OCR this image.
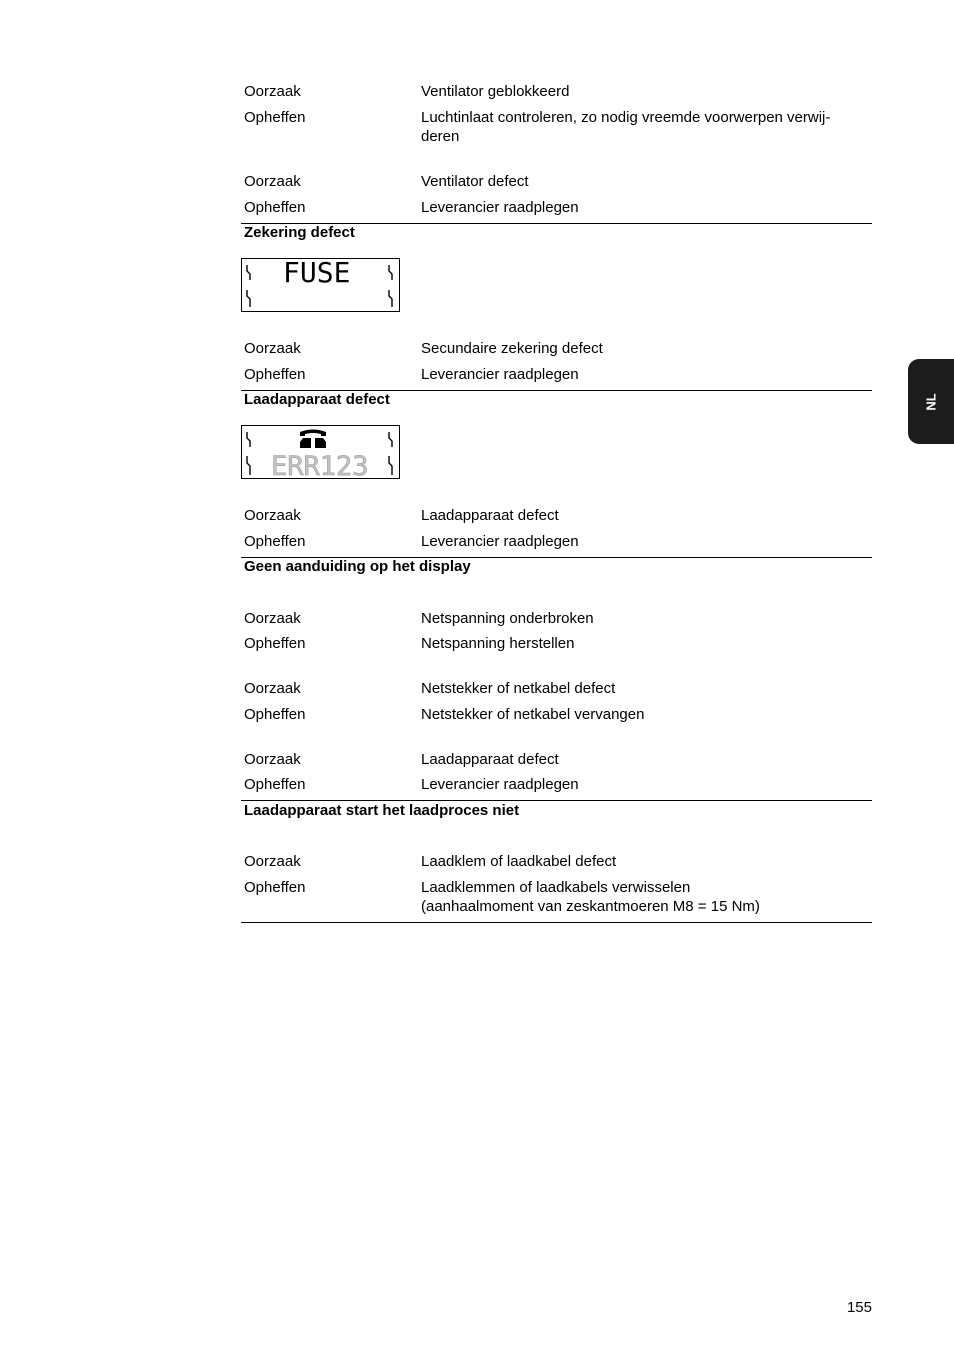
Oorzaak	Ventilator geblokkeerd
Opheffen	Luchtinlaat controleren, zo nodig vreemde voorwerpen verwij-
deren
Oorzaak	Ventilator defect
Opheffen	Leverancier raadplegen
Zekering defect
FUSE
Oorzaak	Secundaire zekering defect
Opheffen	Leverancier raadplegen
Laadapparaat defect
ERR123
Oorzaak	Laadapparaat defect
Opheffen	Leverancier raadplegen
Geen aanduiding op het display
Oorzaak	Netspanning onderbroken
Opheffen	Netspanning herstellen
Oorzaak	Netstekker of netkabel defect
Opheffen	Netstekker of netkabel vervangen
Oorzaak	Laadapparaat defect
Opheffen	Leverancier raadplegen
Laadapparaat start het laadproces niet
Oorzaak	Laadklem of laadkabel defect
Opheffen	Laadklemmen of laadkabels verwisselen
(aanhaalmoment van zeskantmoeren M8 = 15 Nm)
NL
155
